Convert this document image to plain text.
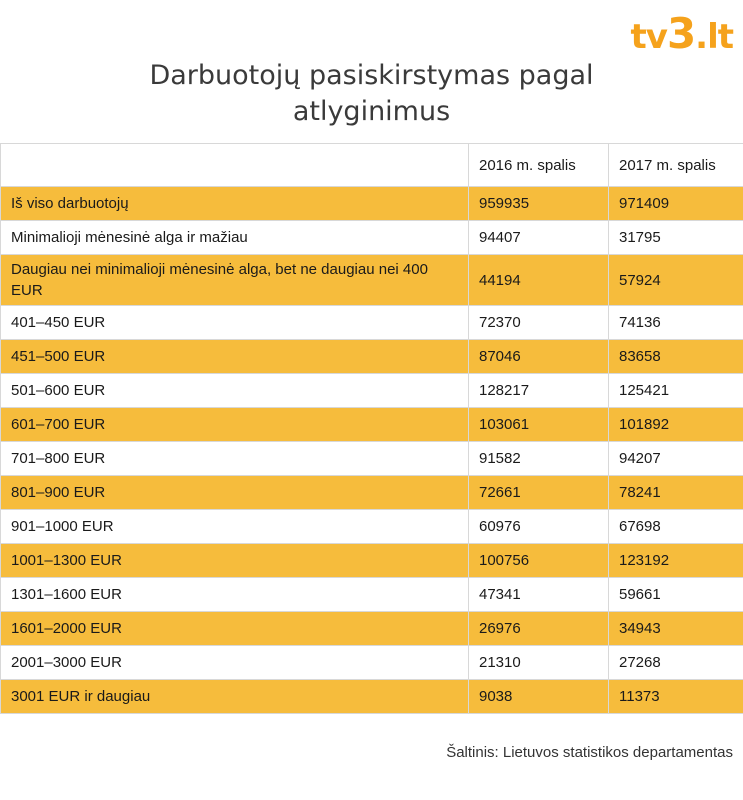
tv3.lt
Darbuotojų pasiskirstymas pagal
atlyginimus
	2016 m. spalis	2017 m. spalis
Iš viso darbuotojų	959935	971409
Minimalioji mėnesinė alga ir mažiau	94407	31795
Daugiau nei minimalioji mėnesinė alga, bet ne daugiau nei 400 EUR	44194	57924
401–450 EUR	72370	74136
451–500 EUR	87046	83658
501–600 EUR	128217	125421
601–700 EUR	103061	101892
701–800 EUR	91582	94207
801–900 EUR	72661	78241
901–1000 EUR	60976	67698
1001–1300 EUR	100756	123192
1301–1600 EUR	47341	59661
1601–2000 EUR	26976	34943
2001–3000 EUR	21310	27268
3001 EUR ir daugiau	9038	11373
Šaltinis: Lietuvos statistikos departamentas
